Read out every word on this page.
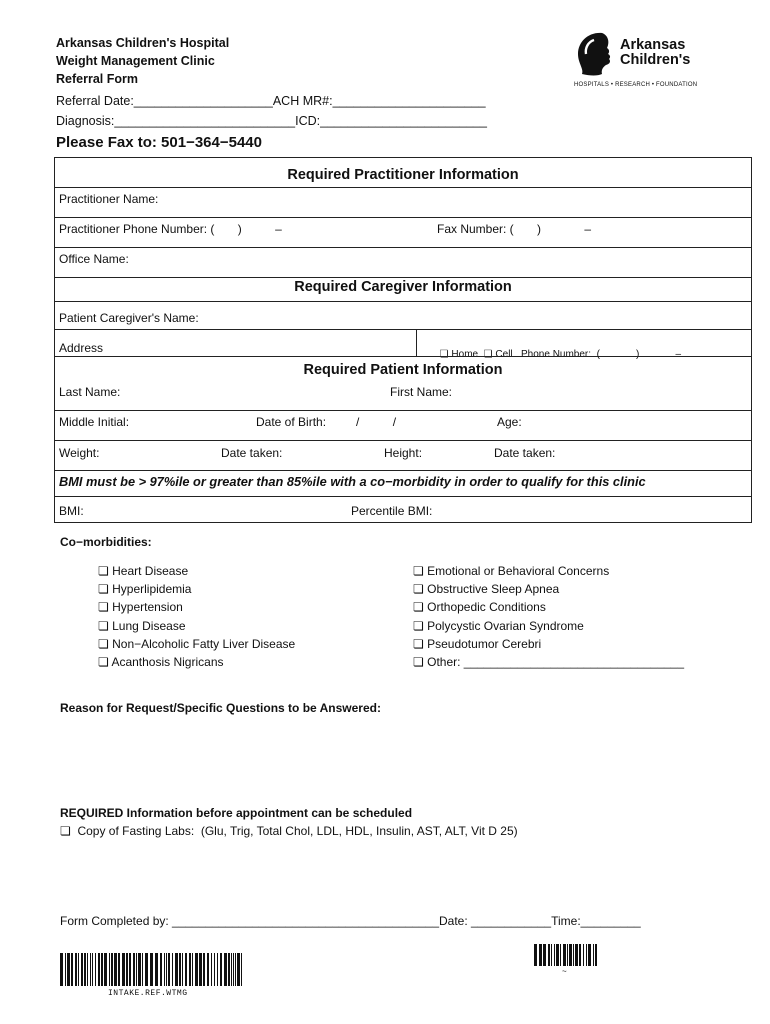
Arkansas Children's Hospital
Weight Management Clinic
Referral Form
Arkansas
Children's
HOSPITALS • RESEARCH • FOUNDATION
Referral Date:____________________ACH MR#:______________________
Diagnosis:__________________________ICD:________________________
Please Fax to: 501−364−5440
Required Practitioner Information
Practitioner Name:
Practitioner Phone Number: (       )          –	Fax Number: (       )             –
Office Name:
Required Caregiver Information
Patient Caregiver's Name:
Address	❏ Home ❏ Cell Phone Number:  (             )             –

Required Patient Information
Last Name:	First Name:
Middle Initial:	Date of Birth:         /          /	Age:
Weight:	Date taken:	Height:	Date taken:
BMI must be > 97%ile or greater than 85%ile with a co−morbidity in order to qualify for this clinic
BMI:	Percentile BMI:
Co−morbidities:
❏ Heart Disease
❏ Hyperlipidemia
❏ Hypertension
❏ Lung Disease
❏ Non−Alcoholic Fatty Liver Disease
❏ Acanthosis Nigricans
❏ Emotional or Behavioral Concerns
❏ Obstructive Sleep Apnea
❏ Orthopedic Conditions
❏ Polycystic Ovarian Syndrome
❏ Pseudotumor Cerebri
❏ Other: _________________________________
Reason for Request/Specific Questions to be Answered:
REQUIRED Information before appointment can be scheduled
❏ Copy of Fasting Labs:  (Glu, Trig, Total Chol, LDL, HDL, Insulin, AST, ALT, Vit D 25)
Form Completed by: ________________________________________Date: ____________Time:_________
INTAKE.REF.WTMG
~
